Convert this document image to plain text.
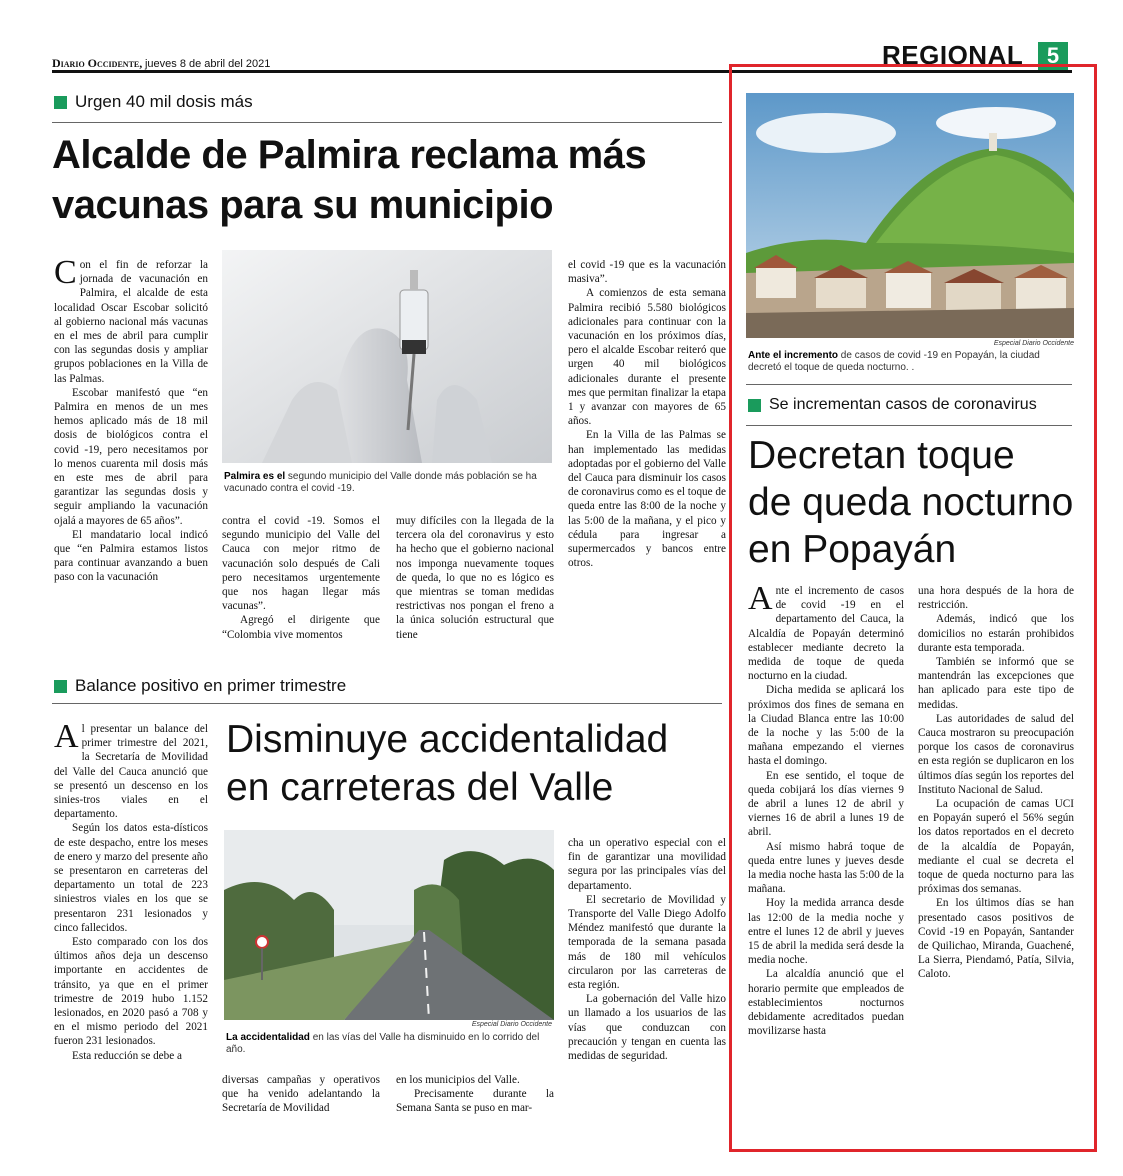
Diario Occidente, jueves 8 de abril del 2021	REGIONAL	5
Urgen 40 mil dosis más
Alcalde de Palmira reclama más
vacunas para su municipio

Con el fin de reforzar la jornada de vacunación en Palmira, el alcalde de esta localidad Oscar Escobar solicitó al gobierno nacional más vacunas en el mes de abril para cumplir con las segundas dosis y ampliar grupos poblaciones en la Villa de las Palmas.

Escobar manifestó que “en Palmira en menos de un mes hemos aplicado más de 18 mil dosis de biológicos contra el covid -19, pero necesitamos por lo menos cuarenta mil dosis más en este mes de abril para garantizar las segundas dosis y seguir ampliando la vacunación ojalá a mayores de 65 años”.

El mandatario local indicó que “en Palmira estamos listos para continuar avanzando a buen paso con la vacunación

Palmira es el segundo municipio del Valle donde más población se ha vacunado contra el covid -19.

contra el covid -19. Somos el segundo municipio del Valle del Cauca con mejor ritmo de vacunación solo después de Cali pero necesitamos urgentemente que nos hagan llegar más vacunas”.

Agregó el dirigente que “Colombia vive momentos

muy difíciles con la llegada de la tercera ola del coronavirus y esto ha hecho que el gobierno nacional nos imponga nuevamente toques de queda, lo que no es lógico es que mientras se toman medidas restrictivas nos pongan el freno a la única solución estructural que tiene

el covid -19 que es la vacunación masiva”.

A comienzos de esta semana Palmira recibió 5.580 biológicos adicionales para continuar con la vacunación en los próximos días, pero el alcalde Escobar reiteró que urgen 40 mil biológicos adicionales durante el presente mes que permitan finalizar la etapa 1 y avanzar con mayores de 65 años.

En la Villa de las Palmas se han implementado las medidas adoptadas por el gobierno del Valle del Cauca para disminuir los casos de coronavirus como es el toque de queda entre las 8:00 de la noche y las 5:00 de la mañana, y el pico y cédula para ingresar a supermercados y bancos entre otros.

Balance positivo en primer trimestre

Al presentar un balance del primer trimestre del 2021, la Secretaría de Movilidad del Valle del Cauca anunció que se presentó un descenso en los sinies-tros viales en el departamento.

Según los datos esta-dísticos de este despacho, entre los meses de enero y marzo del presente año se presentaron en carreteras del departamento un total de 223 siniestros viales en los que se presentaron 231 lesionados y cinco fallecidos.

Esto comparado con los dos últimos años deja un descenso importante en accidentes de tránsito, ya que en el primer trimestre de 2019 hubo 1.152 lesionados, en 2020 pasó a 708 y en el mismo periodo del 2021 fueron 231 lesionados.

Esta reducción se debe a

Disminuye accidentalidad
en carreteras del Valle
Especial Diario Occidente
La accidentalidad en las vías del Valle ha disminuido en lo corrido del año.

diversas campañas y operativos que ha venido adelantando la Secretaría de Movilidad

en los municipios del Valle.

Precisamente durante la Semana Santa se puso en mar-

cha un operativo especial con el fin de garantizar una movilidad segura por las principales vías del departamento.

El secretario de Movilidad y Transporte del Valle Diego Adolfo Méndez manifestó que durante la temporada de la semana pasada más de 180 mil vehículos circularon por las carreteras de esta región.

La gobernación del Valle hizo un llamado a los usuarios de las vías que conduzcan con precaución y tengan en cuenta las medidas de seguridad.

Especial Diario Occidente
Ante el incremento de casos de covid -19 en Popayán, la ciudad decretó el toque de queda nocturno. .
Se incrementan casos de coronavirus
Decretan toque
de queda nocturno
en Popayán

Ante el incremento de casos de covid -19 en el departamento del Cauca, la Alcaldía de Popayán determinó establecer mediante decreto la medida de toque de queda nocturno en la ciudad.

Dicha medida se aplicará los próximos dos fines de semana en la Ciudad Blanca entre las 10:00 de la noche y las 5:00 de la mañana empezando el viernes hasta el domingo.

En ese sentido, el toque de queda cobijará los días viernes 9 de abril a lunes 12 de abril y viernes 16 de abril a lunes 19 de abril.

Así mismo habrá toque de queda entre lunes y jueves desde la media noche hasta las 5:00 de la mañana.

Hoy la medida arranca desde las 12:00 de la media noche y entre el lunes 12 de abril y jueves 15 de abril la medida será desde la media noche.

La alcaldía anunció que el horario permite que empleados de establecimientos nocturnos debidamente acreditados puedan movilizarse hasta

una hora después de la hora de restricción.

Además, indicó que los domicilios no estarán prohibidos durante esta temporada.

También se informó que se mantendrán las excepciones que han aplicado para este tipo de medidas.

Las autoridades de salud del Cauca mostraron su preocupación porque los casos de coronavirus en esta región se duplicaron en los últimos días según los reportes del Instituto Nacional de Salud.

La ocupación de camas UCI en Popayán superó el 56% según los datos reportados en el decreto de la alcaldía de Popayán, mediante el cual se decreta el toque de queda nocturno para las próximas dos semanas.

En los últimos días se han presentado casos positivos de Covid -19 en Popayán, Santander de Quilichao, Miranda, Guachené, La Sierra, Piendamó, Patía, Silvia, Caloto.
